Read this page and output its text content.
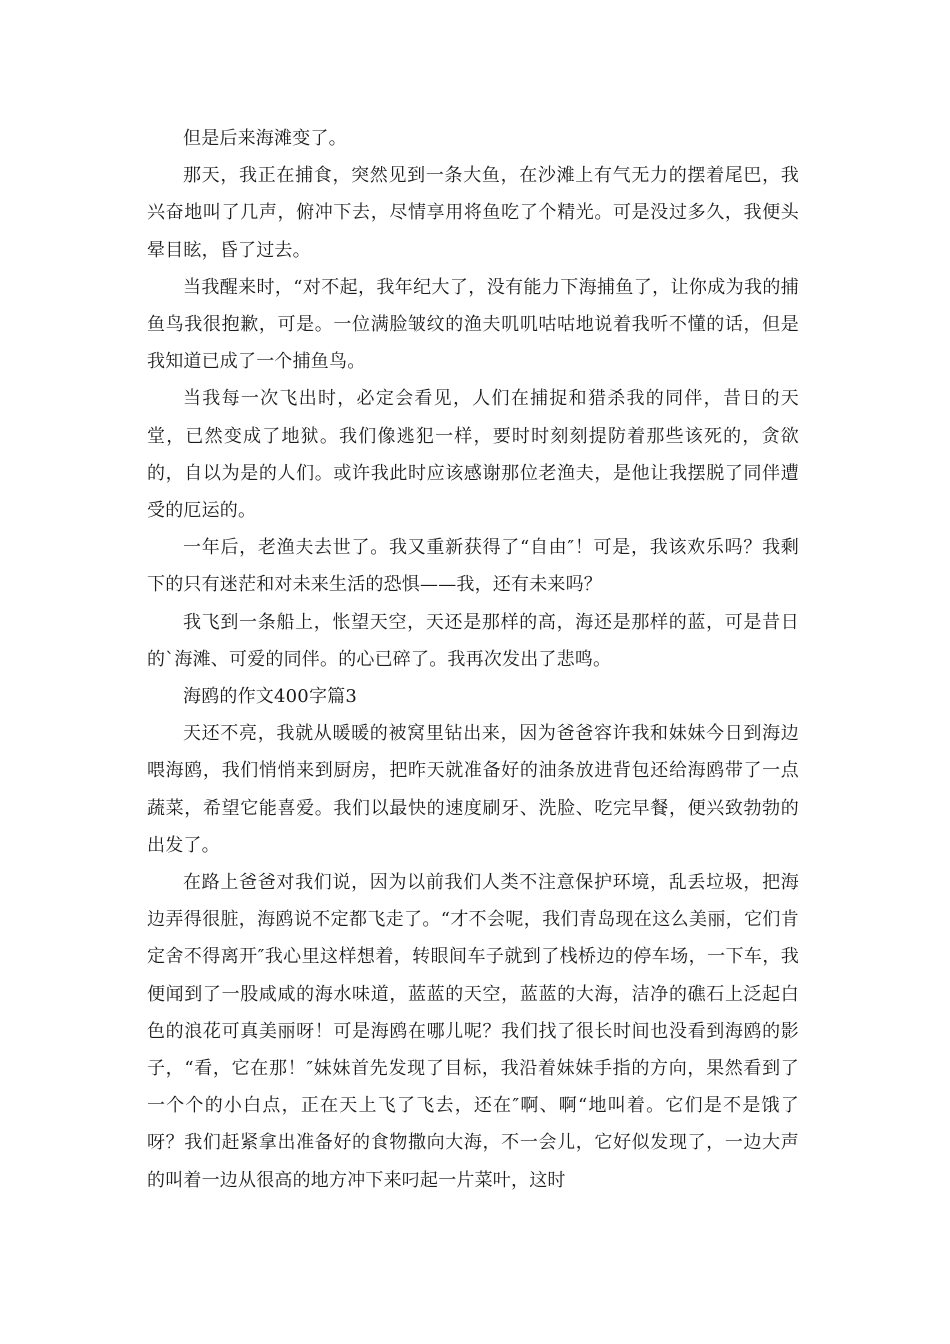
但是后来海滩变了。

那天，我正在捕食，突然见到一条大鱼，在沙滩上有气无力的摆着尾巴，我兴奋地叫了几声，俯冲下去，尽情享用将鱼吃了个精光。可是没过多久，我便头晕目眩，昏了过去。

当我醒来时，“对不起，我年纪大了，没有能力下海捕鱼了，让你成为我的捕鱼鸟我很抱歉，可是。一位满脸皱纹的渔夫叽叽咕咕地说着我听不懂的话，但是我知道已成了一个捕鱼鸟。

当我每一次飞出时，必定会看见，人们在捕捉和猎杀我的同伴，昔日的天堂，已然变成了地狱。我们像逃犯一样，要时时刻刻提防着那些该死的，贪欲的，自以为是的人们。或许我此时应该感谢那位老渔夫，是他让我摆脱了同伴遭受的厄运的。

一年后，老渔夫去世了。我又重新获得了“自由″！可是，我该欢乐吗？我剩下的只有迷茫和对未来生活的恐惧——我，还有未来吗？

我飞到一条船上，怅望天空，天还是那样的高，海还是那样的蓝，可是昔日的`海滩、可爱的同伴。的心已碎了。我再次发出了悲鸣。

海鸥的作文400字篇3

天还不亮，我就从暖暖的被窝里钻出来，因为爸爸容许我和妹妹今日到海边喂海鸥，我们悄悄来到厨房，把昨天就准备好的油条放进背包还给海鸥带了一点蔬菜，希望它能喜爱。我们以最快的速度刷牙、洗脸、吃完早餐，便兴致勃勃的出发了。

在路上爸爸对我们说，因为以前我们人类不注意保护环境，乱丢垃圾，把海边弄得很脏，海鸥说不定都飞走了。“才不会呢，我们青岛现在这么美丽，它们肯定舍不得离开″我心里这样想着，转眼间车子就到了栈桥边的停车场，一下车，我便闻到了一股咸咸的海水味道，蓝蓝的天空，蓝蓝的大海，洁净的礁石上泛起白色的浪花可真美丽呀！可是海鸥在哪儿呢？我们找了很长时间也没看到海鸥的影子，“看，它在那！″妹妹首先发现了目标，我沿着妹妹手指的方向，果然看到了一个个的小白点，正在天上飞了飞去，还在″啊、啊“地叫着。它们是不是饿了呀？我们赶紧拿出准备好的食物撒向大海，不一会儿，它好似发现了，一边大声的叫着一边从很高的地方冲下来叼起一片菜叶，这时
